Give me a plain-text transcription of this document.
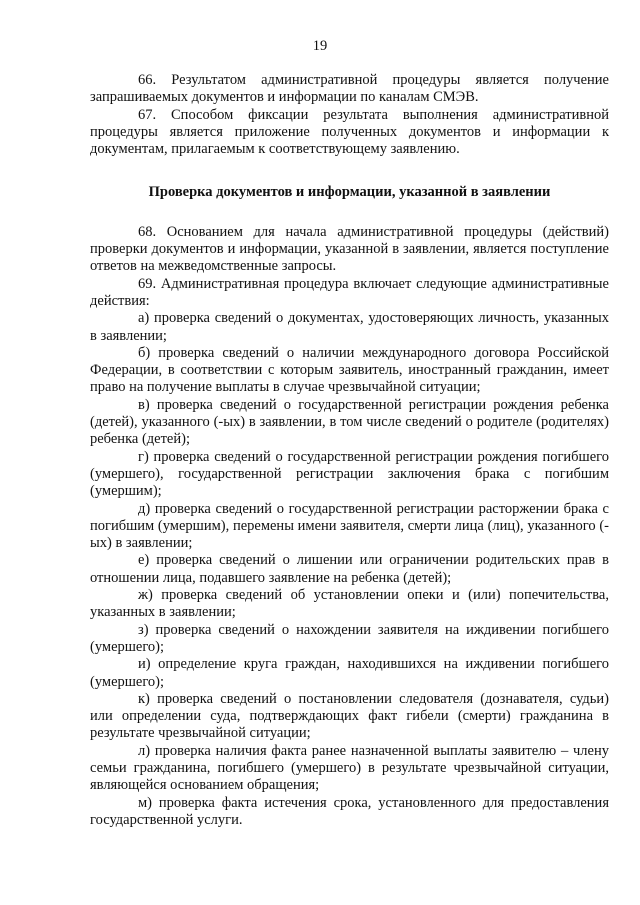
19

66. Результатом административной процедуры является получение запрашиваемых документов и информации по каналам СМЭВ.

67. Способом фиксации результата выполнения административной процедуры является приложение полученных документов и информации к документам, прилагаемым к соответствующему заявлению.

Проверка документов и информации, указанной в заявлении

68. Основанием для начала административной процедуры (действий) проверки документов и информации, указанной в заявлении, является поступление ответов на межведомственные запросы.

69. Административная процедура включает следующие административные действия:

а) проверка сведений о документах, удостоверяющих личность, указанных в заявлении;

б) проверка сведений о наличии международного договора Российской Федерации, в соответствии с которым заявитель, иностранный гражданин, имеет право на получение выплаты в случае чрезвычайной ситуации;

в) проверка сведений о государственной регистрации рождения ребенка (детей), указанного (-ых) в заявлении, в том числе сведений о родителе (родителях) ребенка (детей);

г) проверка сведений о государственной регистрации рождения погибшего (умершего), государственной регистрации заключения брака с погибшим (умершим);

д) проверка сведений о государственной регистрации расторжении брака с погибшим (умершим), перемены имени заявителя, смерти лица (лиц), указанного (-ых) в заявлении;

е) проверка сведений о лишении или ограничении родительских прав в отношении лица, подавшего заявление на ребенка (детей);

ж) проверка сведений об установлении опеки и (или) попечительства, указанных в заявлении;

з) проверка сведений о нахождении заявителя на иждивении погибшего (умершего);

и) определение круга граждан, находившихся на иждивении погибшего (умершего);

к) проверка сведений о постановлении следователя (дознавателя, судьи) или определении суда, подтверждающих факт гибели (смерти) гражданина в результате чрезвычайной ситуации;

л) проверка наличия факта ранее назначенной выплаты заявителю – члену семьи гражданина, погибшего (умершего) в результате чрезвычайной ситуации, являющейся основанием обращения;

м) проверка факта истечения срока, установленного для предоставления государственной услуги.
